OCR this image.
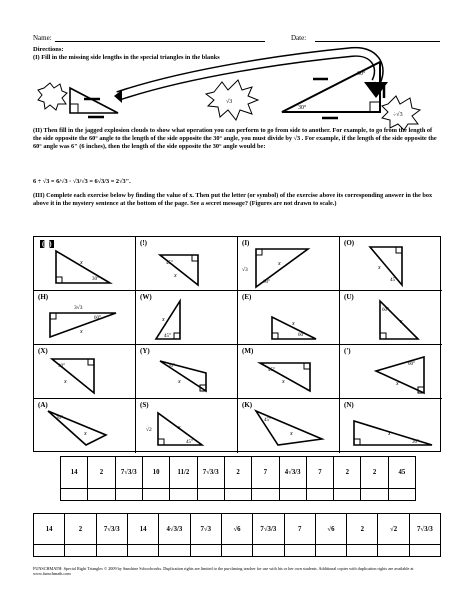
Name:	Date:
Directions:
(I) Fill in the missing side lengths in the special triangles in the blanks
(II) Then fill in the jagged explosion clouds to show what operation you can perform to go from side to another. For example, to go from the length of the side opposite the 60° angle to the length of the side opposite the 30° angle, you must divide by √3 . For example, if the length of the side opposite the 60° angle was 6" (6 inches), then the length of the side opposite the 30° angle would be:
6 ÷ √3 = 6/√3 · √3/√3 = 6√3/3 = 2√3".
(III) Complete each exercise below by finding the value of x. Then put the letter (or symbol) of the exercise above its corresponding answer in the box above it in the mystery sentence at the bottom of the page. See a secret message? (Figures are not drawn to scale.)
60°
30°
√3
÷√3
(█)
30°
x
(!)
45°
x
(I)
√3
60°
x
(O)
45°
x
(H)
3√3
60°
x
(W)
45°
x
(E)
60°
x
(U)
60°
x
(X)
30°
x
(Y)
30°
x
(M)
45°
x
(')
60°
x
(A)
30°
x
(S)
√2
45°
x
(K)
45°
x
(N)
30°
x
14	2	7√3/3	10	11/2	7√3/3	2	7	4√3/3	7	2	2	45
14	2	7√3/3	14	4√3/3	7√3	√6	7√3/3	7	√6	2	√2	7√3/3
FUNSCHMATH: Special Right Triangles © 2009 by Sunshine Schoolworks. Duplication rights are limited to the purchasing teacher for use with his or her own students. Additional copies with duplication rights are available at www.funschmath.com
